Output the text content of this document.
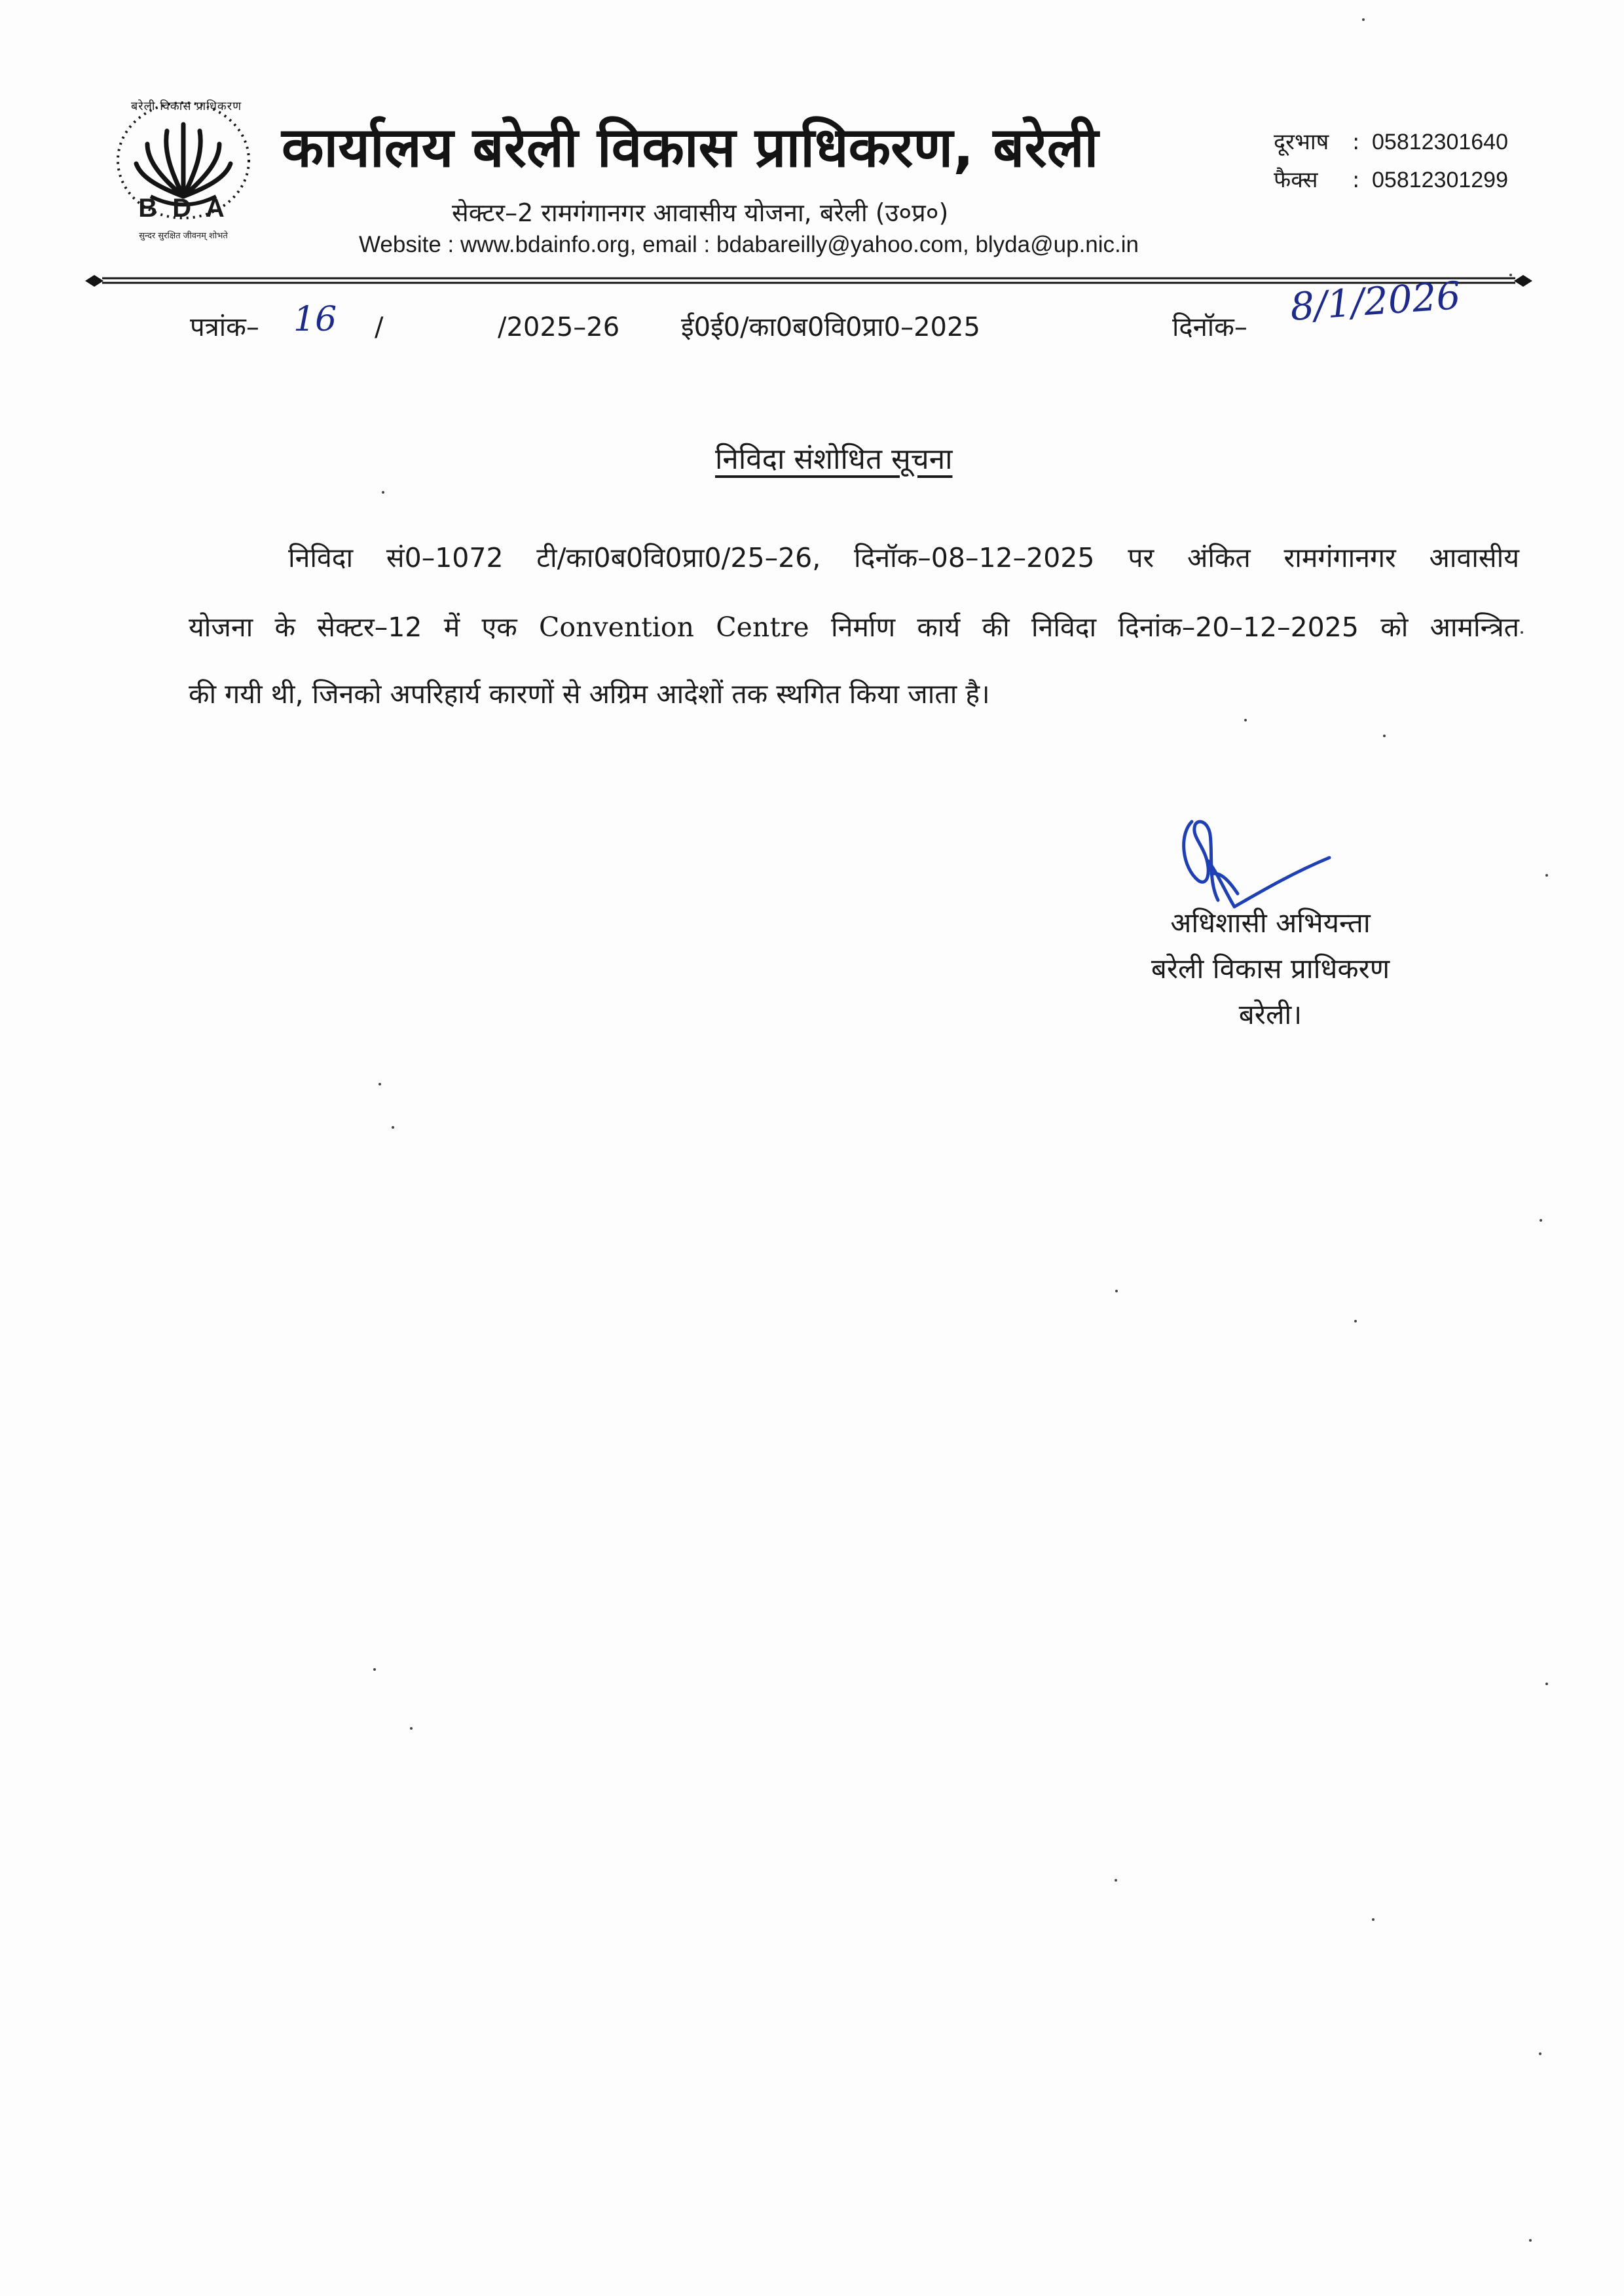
बरेली विकास प्राधिकरण
B D A
सुन्दर सुरक्षित जीवनम् शोभते
कार्यालय बरेली विकास प्राधिकरण, बरेली
सेक्टर–2 रामगंगानगर आवासीय योजना, बरेली (उ०प्र०)
Website : www.bdainfo.org, email : bdabareilly@yahoo.com, blyda@up.nic.in
दूरभाष	: 05812301640
फैक्स	: 05812301299
पत्रांक– 16 /	/2025–26 ई0ई0/का0ब0वि0प्रा0–2025	दिनॉक– 8/1/2026
निविदा संशोधित सूचना
निविदा सं0–1072 टी/का0ब0वि0प्रा0/25–26, दिनॉक–08–12–2025 पर अंकित रामगंगानगर आवासीय
योजना के सेक्टर–12 में एक Convention Centre निर्माण कार्य की निविदा दिनांक–20–12–2025 को आमन्त्रित
की गयी थी, जिनको अपरिहार्य कारणों से अग्रिम आदेशों तक स्थगित किया जाता है।
अधिशासी अभियन्ता
बरेली विकास प्राधिकरण
बरेली।
